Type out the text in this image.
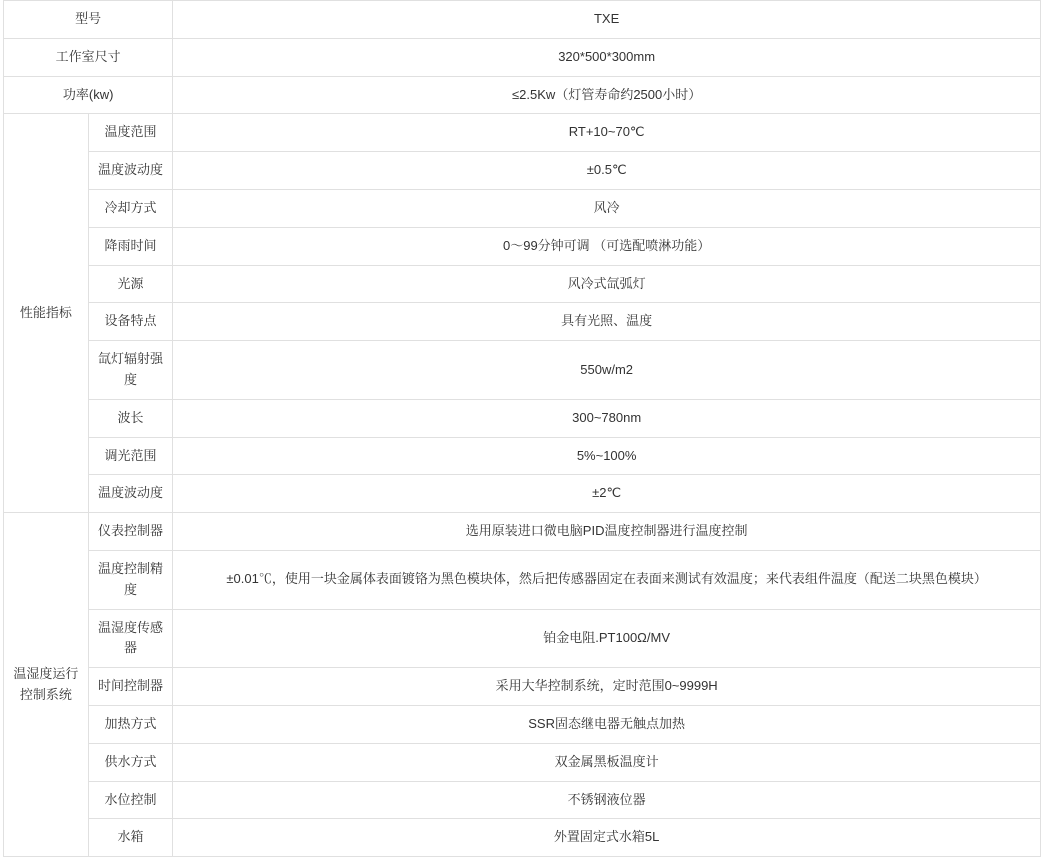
型号		TXE
工作室尺寸		320*500*300mm
功率(kw)		≤2.5Kw（灯管寿命约2500小时）
性能指标	温度范围	RT+10~70℃
	温度波动度	±0.5℃
	冷却方式	风冷
	降雨时间	0～99分钟可调 （可选配喷淋功能）
	光源	风冷式氙弧灯
	设备特点	具有光照、温度
	氙灯辐射强度	550w/m2
	波长	300~780nm
	调光范围	5%~100%
	温度波动度	±2℃
温湿度运行控制系统	仪表控制器	选用原装进口微电脑PID温度控制器进行温度控制
	温度控制精度	±0.01℃，使用一块金属体表面镀铬为黑色模块体，然后把传感器固定在表面来测试有效温度；来代表组件温度（配送二块黑色模块）
	温湿度传感器	铂金电阻.PT100Ω/MV
	时间控制器	采用大华控制系统，定时范围0~9999H
	加热方式	SSR固态继电器无触点加热
	供水方式	双金属黑板温度计
	水位控制	不锈钢液位器
	水箱	外置固定式水箱5L
